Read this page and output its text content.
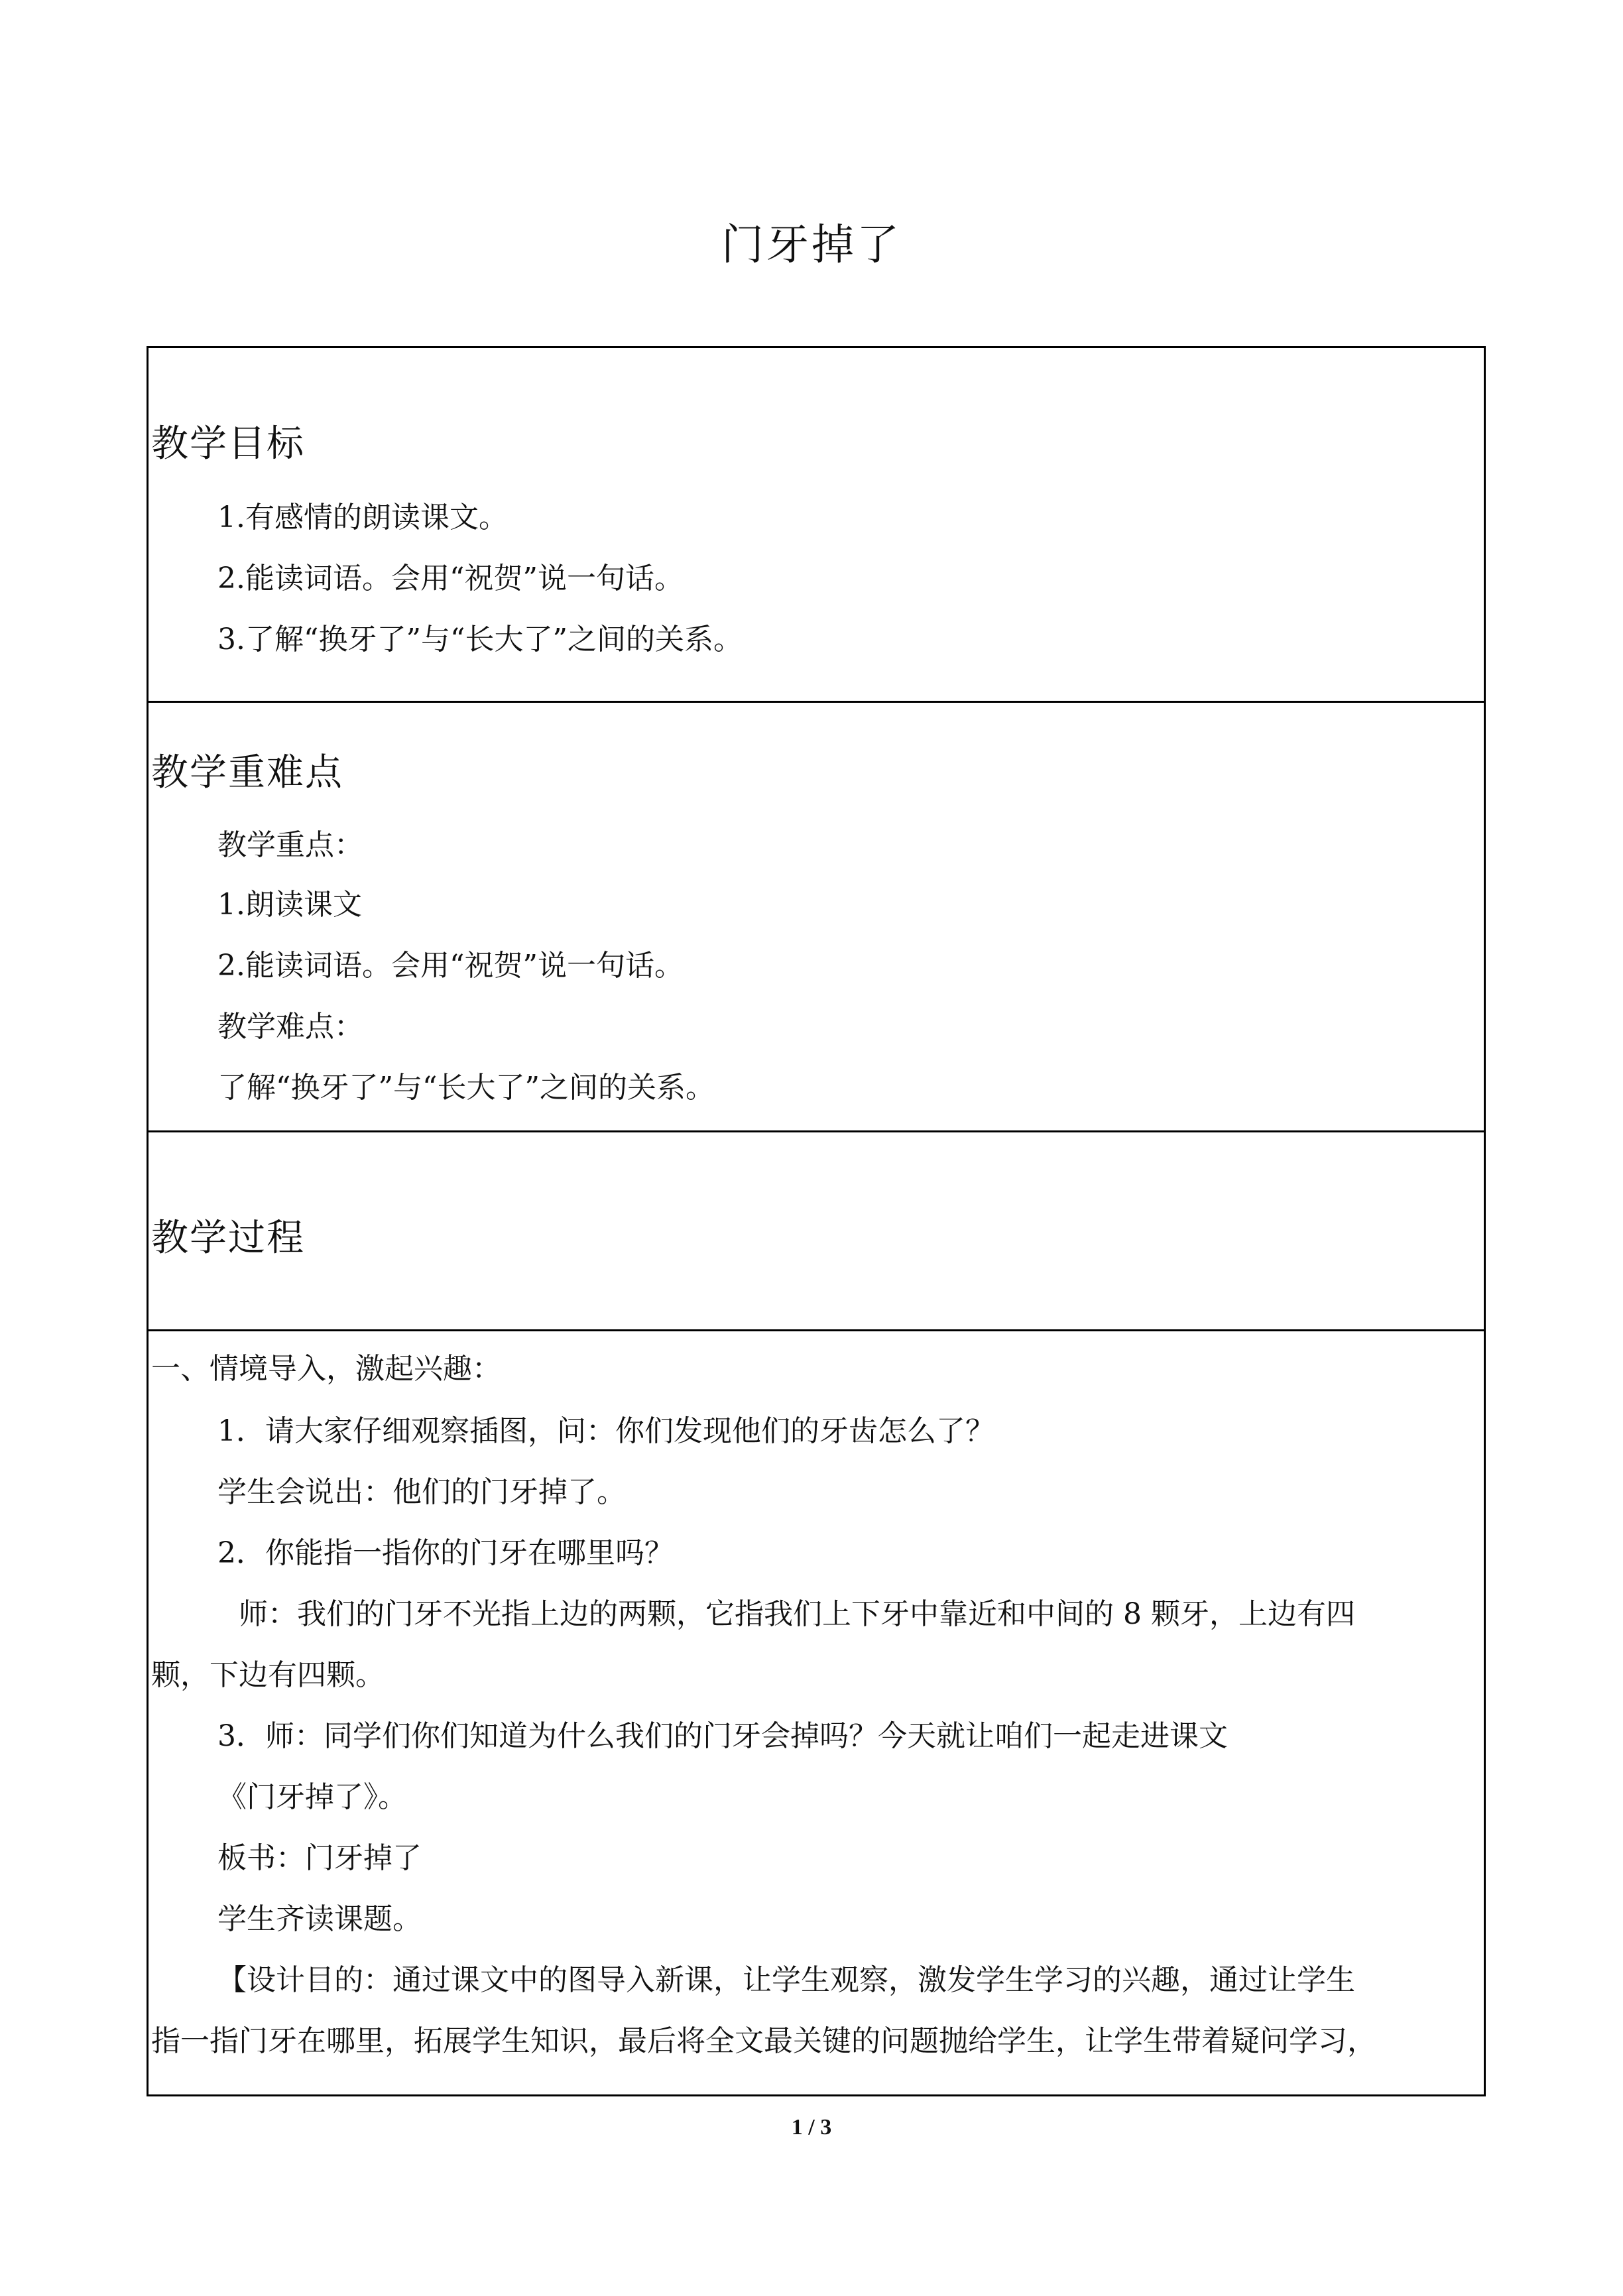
门牙掉了
教学目标
1.有感情的朗读课文。
2.能读词语。会用“祝贺”说一句话。
3.了解“换牙了”与“长大了”之间的关系。
教学重难点
教学重点：
1.朗读课文
2.能读词语。会用“祝贺”说一句话。
教学难点：
了解“换牙了”与“长大了”之间的关系。
教学过程
一、情境导入，激起兴趣：
1．请大家仔细观察插图，问：你们发现他们的牙齿怎么了？
学生会说出：他们的门牙掉了。
2．你能指一指你的门牙在哪里吗？
师：我们的门牙不光指上边的两颗，它指我们上下牙中靠近和中间的 8 颗牙，上边有四
颗，下边有四颗。
3．师：同学们你们知道为什么我们的门牙会掉吗？今天就让咱们一起走进课文
《门牙掉了》。
板书：门牙掉了
学生齐读课题。
【设计目的：通过课文中的图导入新课，让学生观察，激发学生学习的兴趣，通过让学生
指一指门牙在哪里，拓展学生知识，最后将全文最关键的问题抛给学生，让学生带着疑问学习，
1 / 3
